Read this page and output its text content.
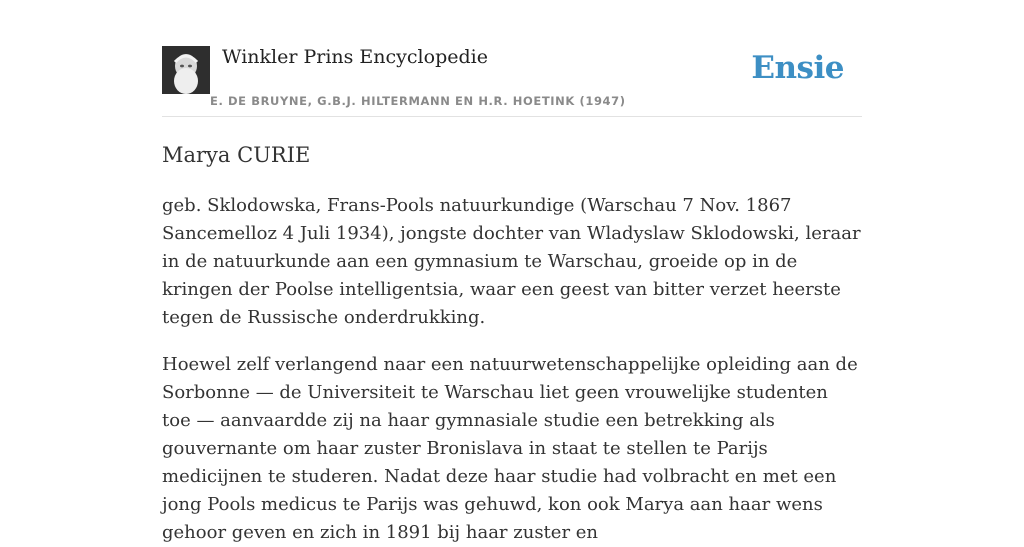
Winkler Prins Encyclopedie
E. DE BRUYNE, G.B.J. HILTERMANN EN H.R. HOETINK (1947)
Ensie
Marya CURIE

geb. Sklodowska, Frans-Pools natuurkundige (Warschau 7 Nov. 1867 Sancemelloz 4 Juli 1934), jongste dochter van Wladyslaw Sklodowski, leraar in de natuurkunde aan een gymnasium te Warschau, groeide op in de kringen der Poolse intelligentsia, waar een geest van bitter verzet heerste tegen de Russische onderdrukking.

Hoewel zelf verlangend naar een natuurwetenschappelijke opleiding aan de Sorbonne — de Universiteit te Warschau liet geen vrouwelijke studenten toe — aanvaardde zij na haar gymnasiale studie een betrekking als gouvernante om haar zuster Bronislava in staat te stellen te Parijs medicijnen te studeren. Nadat deze haar studie had volbracht en met een jong Pools medicus te Parijs was gehuwd, kon ook Marya aan haar wens gehoor geven en zich in 1891 bij haar zuster en
